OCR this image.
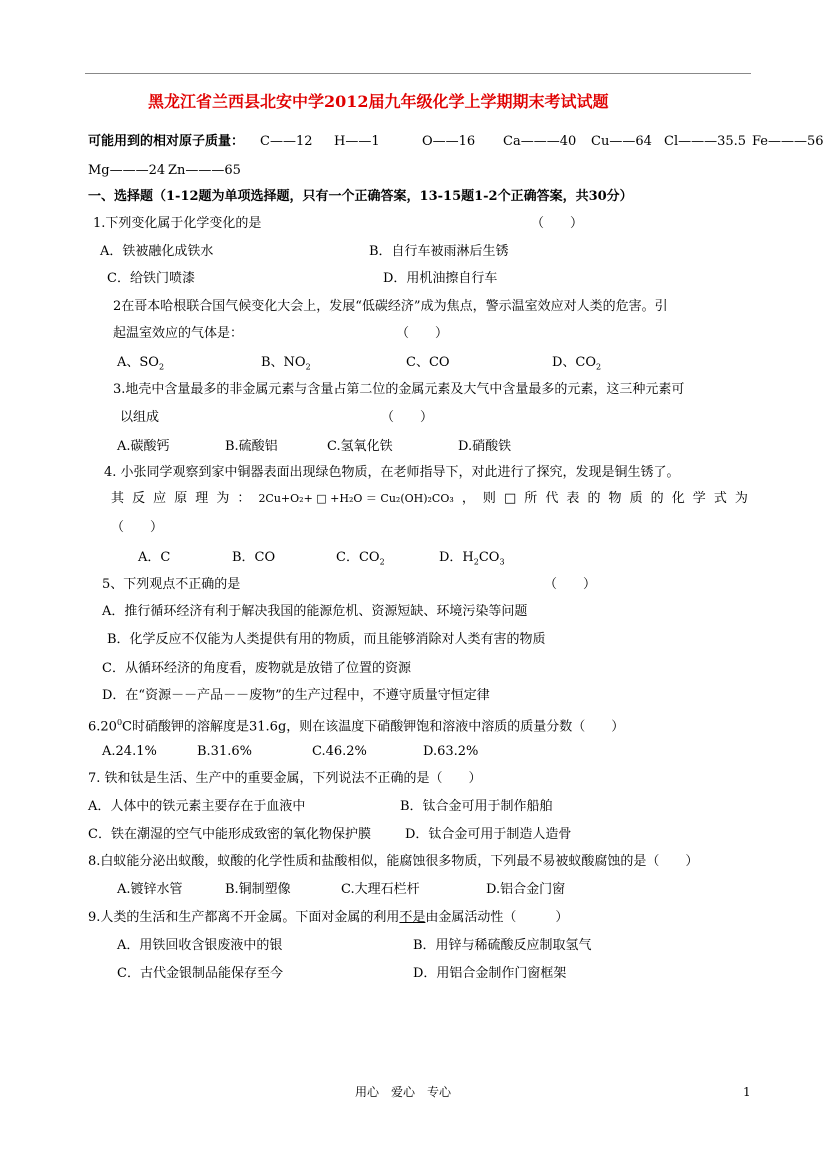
黑龙江省兰西县北安中学2012届九年级化学上学期期末考试试题
可能用到的相对原子质量： C——12 H——1	O——16 Ca———40 Cu——64 Cl———35.5 Fe———56
Mg———24 Zn———65
一、选择题（1-12题为单项选择题，只有一个正确答案，13-15题1-2个正确答案，共30分）
1.下列变化属于化学变化的是	（　　）
A．铁被融化成铁水	B．自行车被雨淋后生锈
C．给铁门喷漆	D．用机油擦自行车
2在哥本哈根联合国气候变化大会上，发展“低碳经济”成为焦点，警示温室效应对人类的危害。引
起温室效应的气体是：	（　　）
A、$SO_2$	B、$NO_2$	C、CO	D、$CO_2$
3.地壳中含量最多的非金属元素与含量占第二位的金属元素及大气中含量最多的元素，这三种元素可
以组成	（　　）
A.碳酸钙	B.硫酸铝	C.氢氧化铁	D.硝酸铁
4. 小张同学观察到家中铜器表面出现绿色物质，在老师指导下，对此进行了探究，发现是铜生锈了。
其 反 应 原 理 为 ： 2Cu+O₂+ □ +H₂O ＝ Cu₂(OH)₂CO₃ ， 则 □ 所 代 表 的 物 质 的 化 学 式 为
（　　）
A．C	B．CO	C．$CO_2$	D．$H_2CO_3$
5、下列观点不正确的是	（　　）
A．推行循环经济有利于解决我国的能源危机、资源短缺、环境污染等问题
B．化学反应不仅能为人类提供有用的物质，而且能够消除对人类有害的物质
C．从循环经济的角度看，废物就是放错了位置的资源
D．在“资源－－产品－－废物”的生产过程中，不遵守质量守恒定律
6.20$^0$C时硝酸钾的溶解度是31.6g，则在该温度下硝酸钾饱和溶液中溶质的质量分数（　　）
A.24.1%	B.31.6%	C.46.2%	D.63.2%
7. 铁和钛是生活、生产中的重要金属，下列说法不正确的是（　　）
A．人体中的铁元素主要存在于血液中	B．钛合金可用于制作船舶
C．铁在潮湿的空气中能形成致密的氧化物保护膜	D．钛合金可用于制造人造骨
8.白蚁能分泌出蚁酸，蚁酸的化学性质和盐酸相似，能腐蚀很多物质，下列最不易被蚁酸腐蚀的是（　　）
A.镀锌水管	B.铜制塑像	C.大理石栏杆	D.铝合金门窗
9.人类的生活和生产都离不开金属。下面对金属的利用不是由金属活动性（　　　）
A．用铁回收含银废液中的银	B．用锌与稀硫酸反应制取氢气
C．古代金银制品能保存至今	D．用铝合金制作门窗框架
用心　爱心　专心	1
